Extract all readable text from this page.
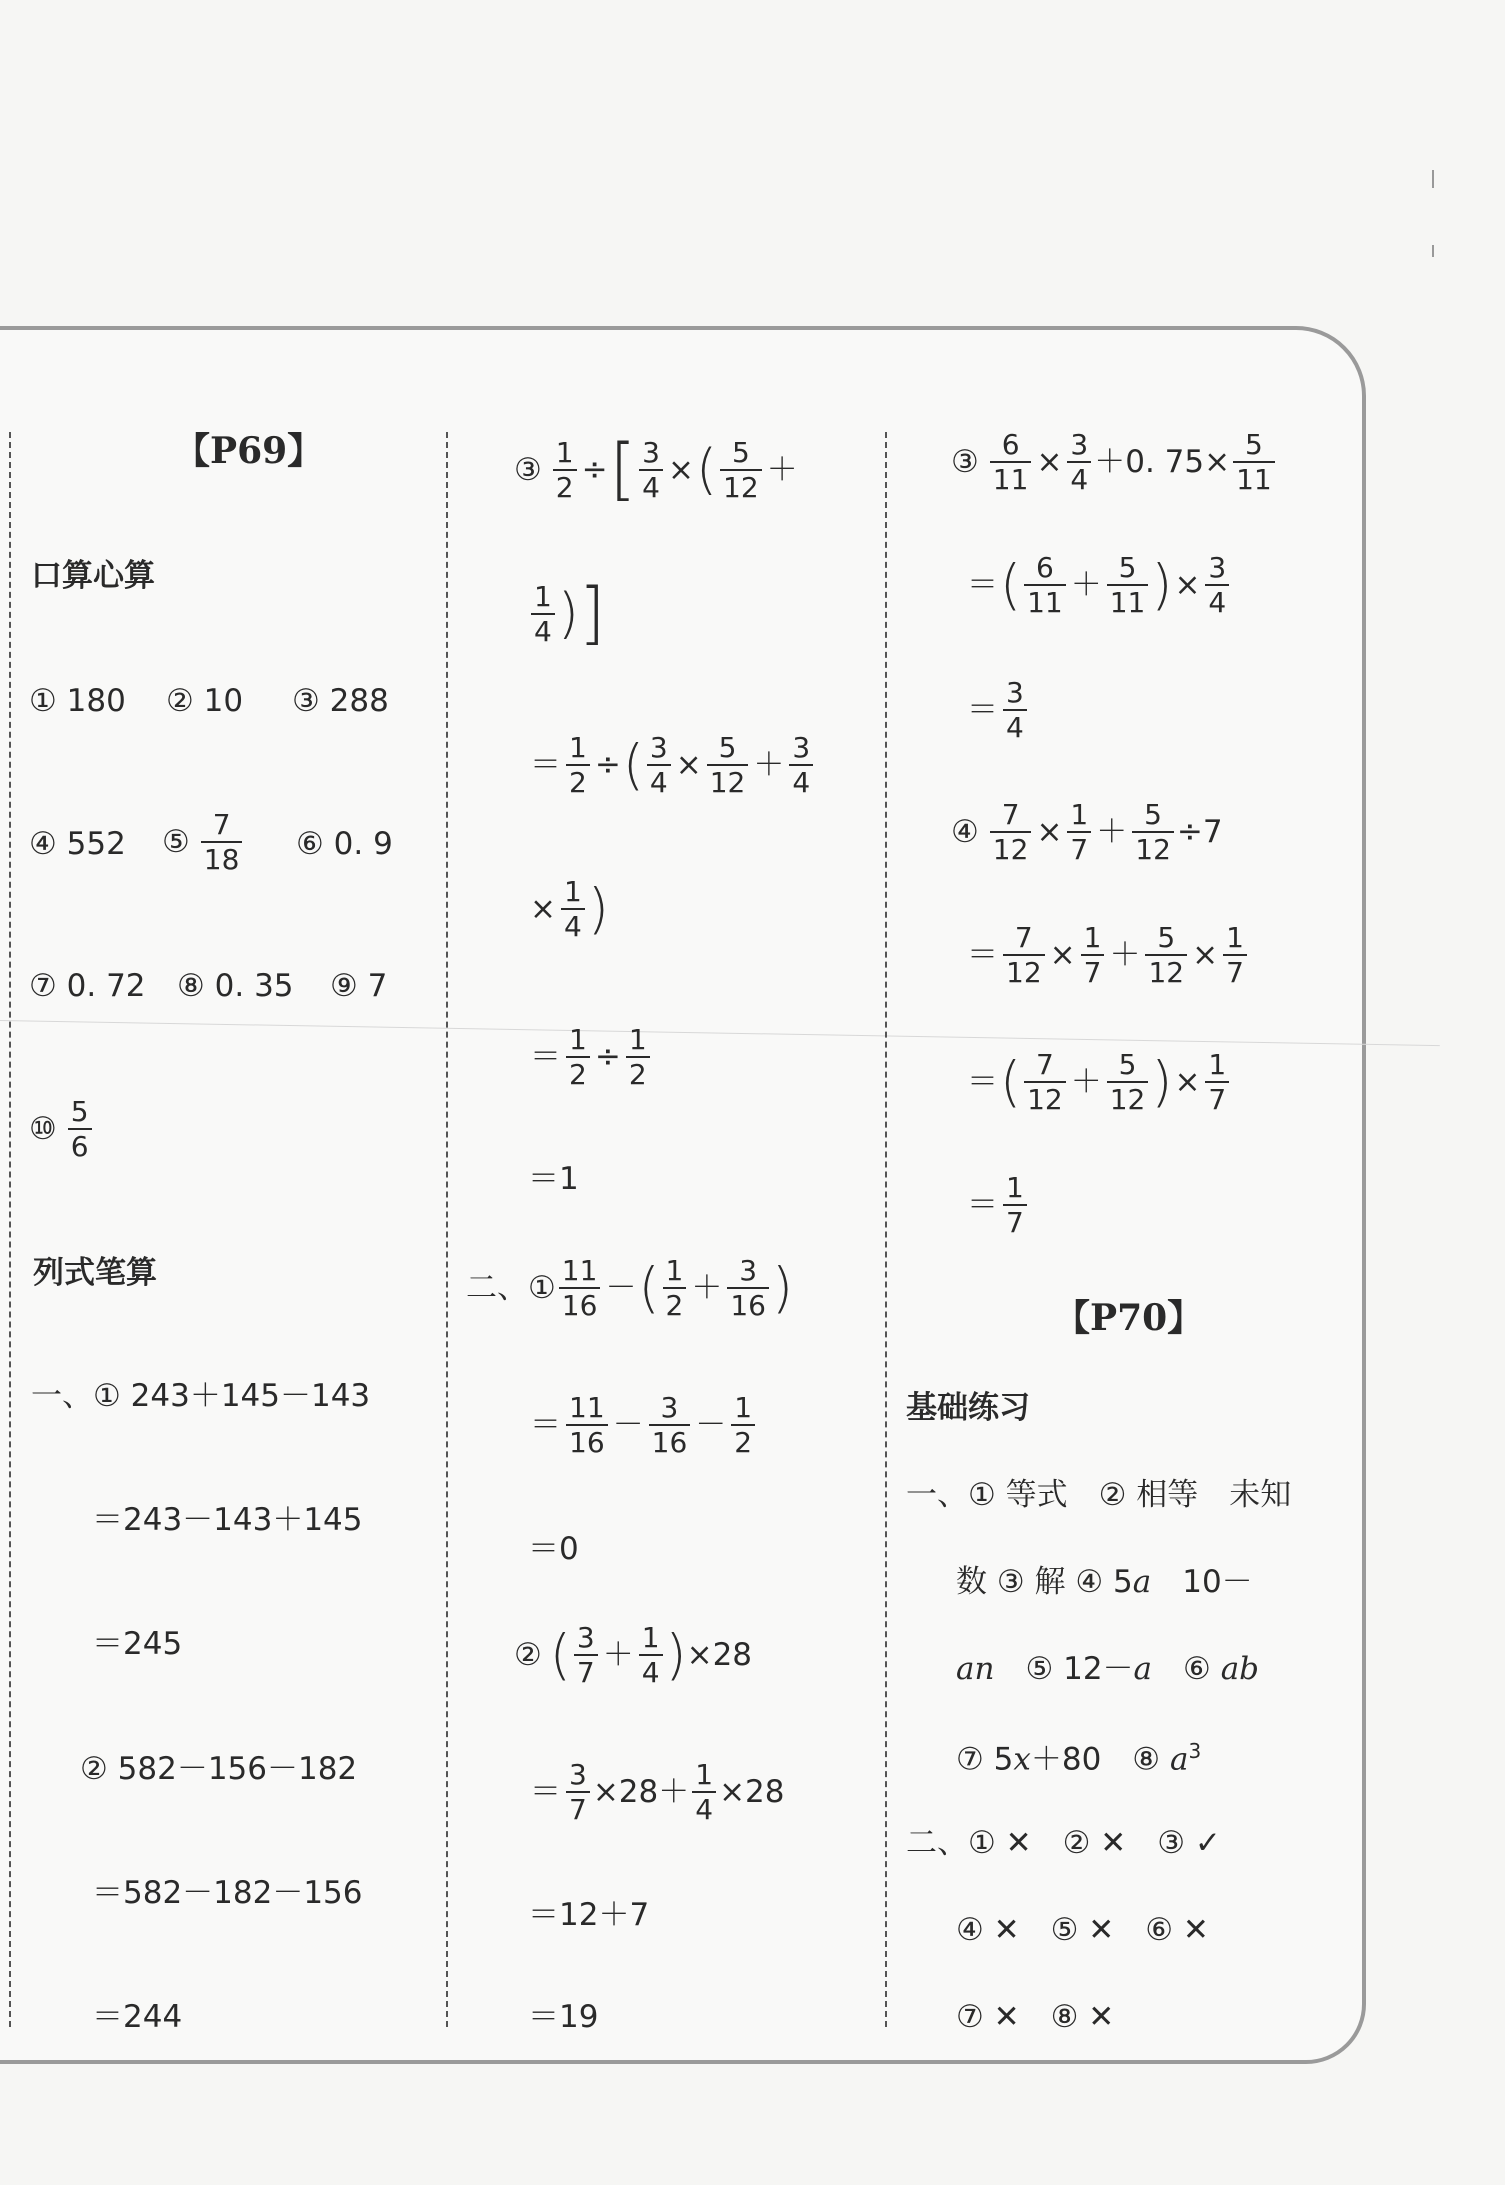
【P69】
口算心算
① 180 ② 10 ③ 288
④ 552 ⑤ $\frac{7}{18}$ ⑥ 0. 9
⑦ 0. 72 ⑧ 0. 35 ⑨ 7
⑩ $\frac{5}{6}$
列式笔算
一、① 243＋145－143
＝243－143＋145
＝245
② 582－156－182
＝582－182－156
＝244
③ $\frac{1}{2}$ ÷[ $\frac{3}{4}$ ×( $\frac{5}{12}$ ＋
$\frac{1}{4}$ )]
＝ $\frac{1}{2}$ ÷( $\frac{3}{4} \times \frac{5}{12} + \frac{3}{4}$
× $\frac{1}{4}$ )
＝ $\frac{1}{2} \div \frac{1}{2}$
＝1
二、① $\frac{11}{16}$ －( $\frac{1}{2} + \frac{3}{16}$ )
＝ $\frac{11}{16} - \frac{3}{16} - \frac{1}{2}$
＝0
② ( $\frac{3}{7} + \frac{1}{4} )\times 28$
＝ $\frac{3}{7} \times 28+ \frac{1}{4} \times 28$
＝12＋7
＝19
③ $\frac{6}{11} \times \frac{3}{4} +0$. $75\times \frac{5}{11}$
＝( $\frac{6}{11} + \frac{5}{11}$ )× $\frac{3}{4}$
＝ $\frac{3}{4}$
④ $\frac{7}{12} \times \frac{1}{7} + \frac{5}{12} \div 7$
＝ $\frac{7}{12} \times \frac{1}{7} + \frac{5}{12} \times \frac{1}{7}$
＝( $\frac{7}{12} + \frac{5}{12}$ )× $\frac{1}{7}$
＝ $\frac{1}{7}$
【P70】
基础练习
一、① 等式　② 相等　未知
数 ③ 解 ④ 5a　 10－
an　 ⑤ 12－a　 ⑥ ab
⑦ 5x＋80　⑧ $a^3$
二、① ✕　② ✕　③ ✓
④ ✕　⑤ ✕　⑥ ✕
⑦ ✕　⑧ ✕
